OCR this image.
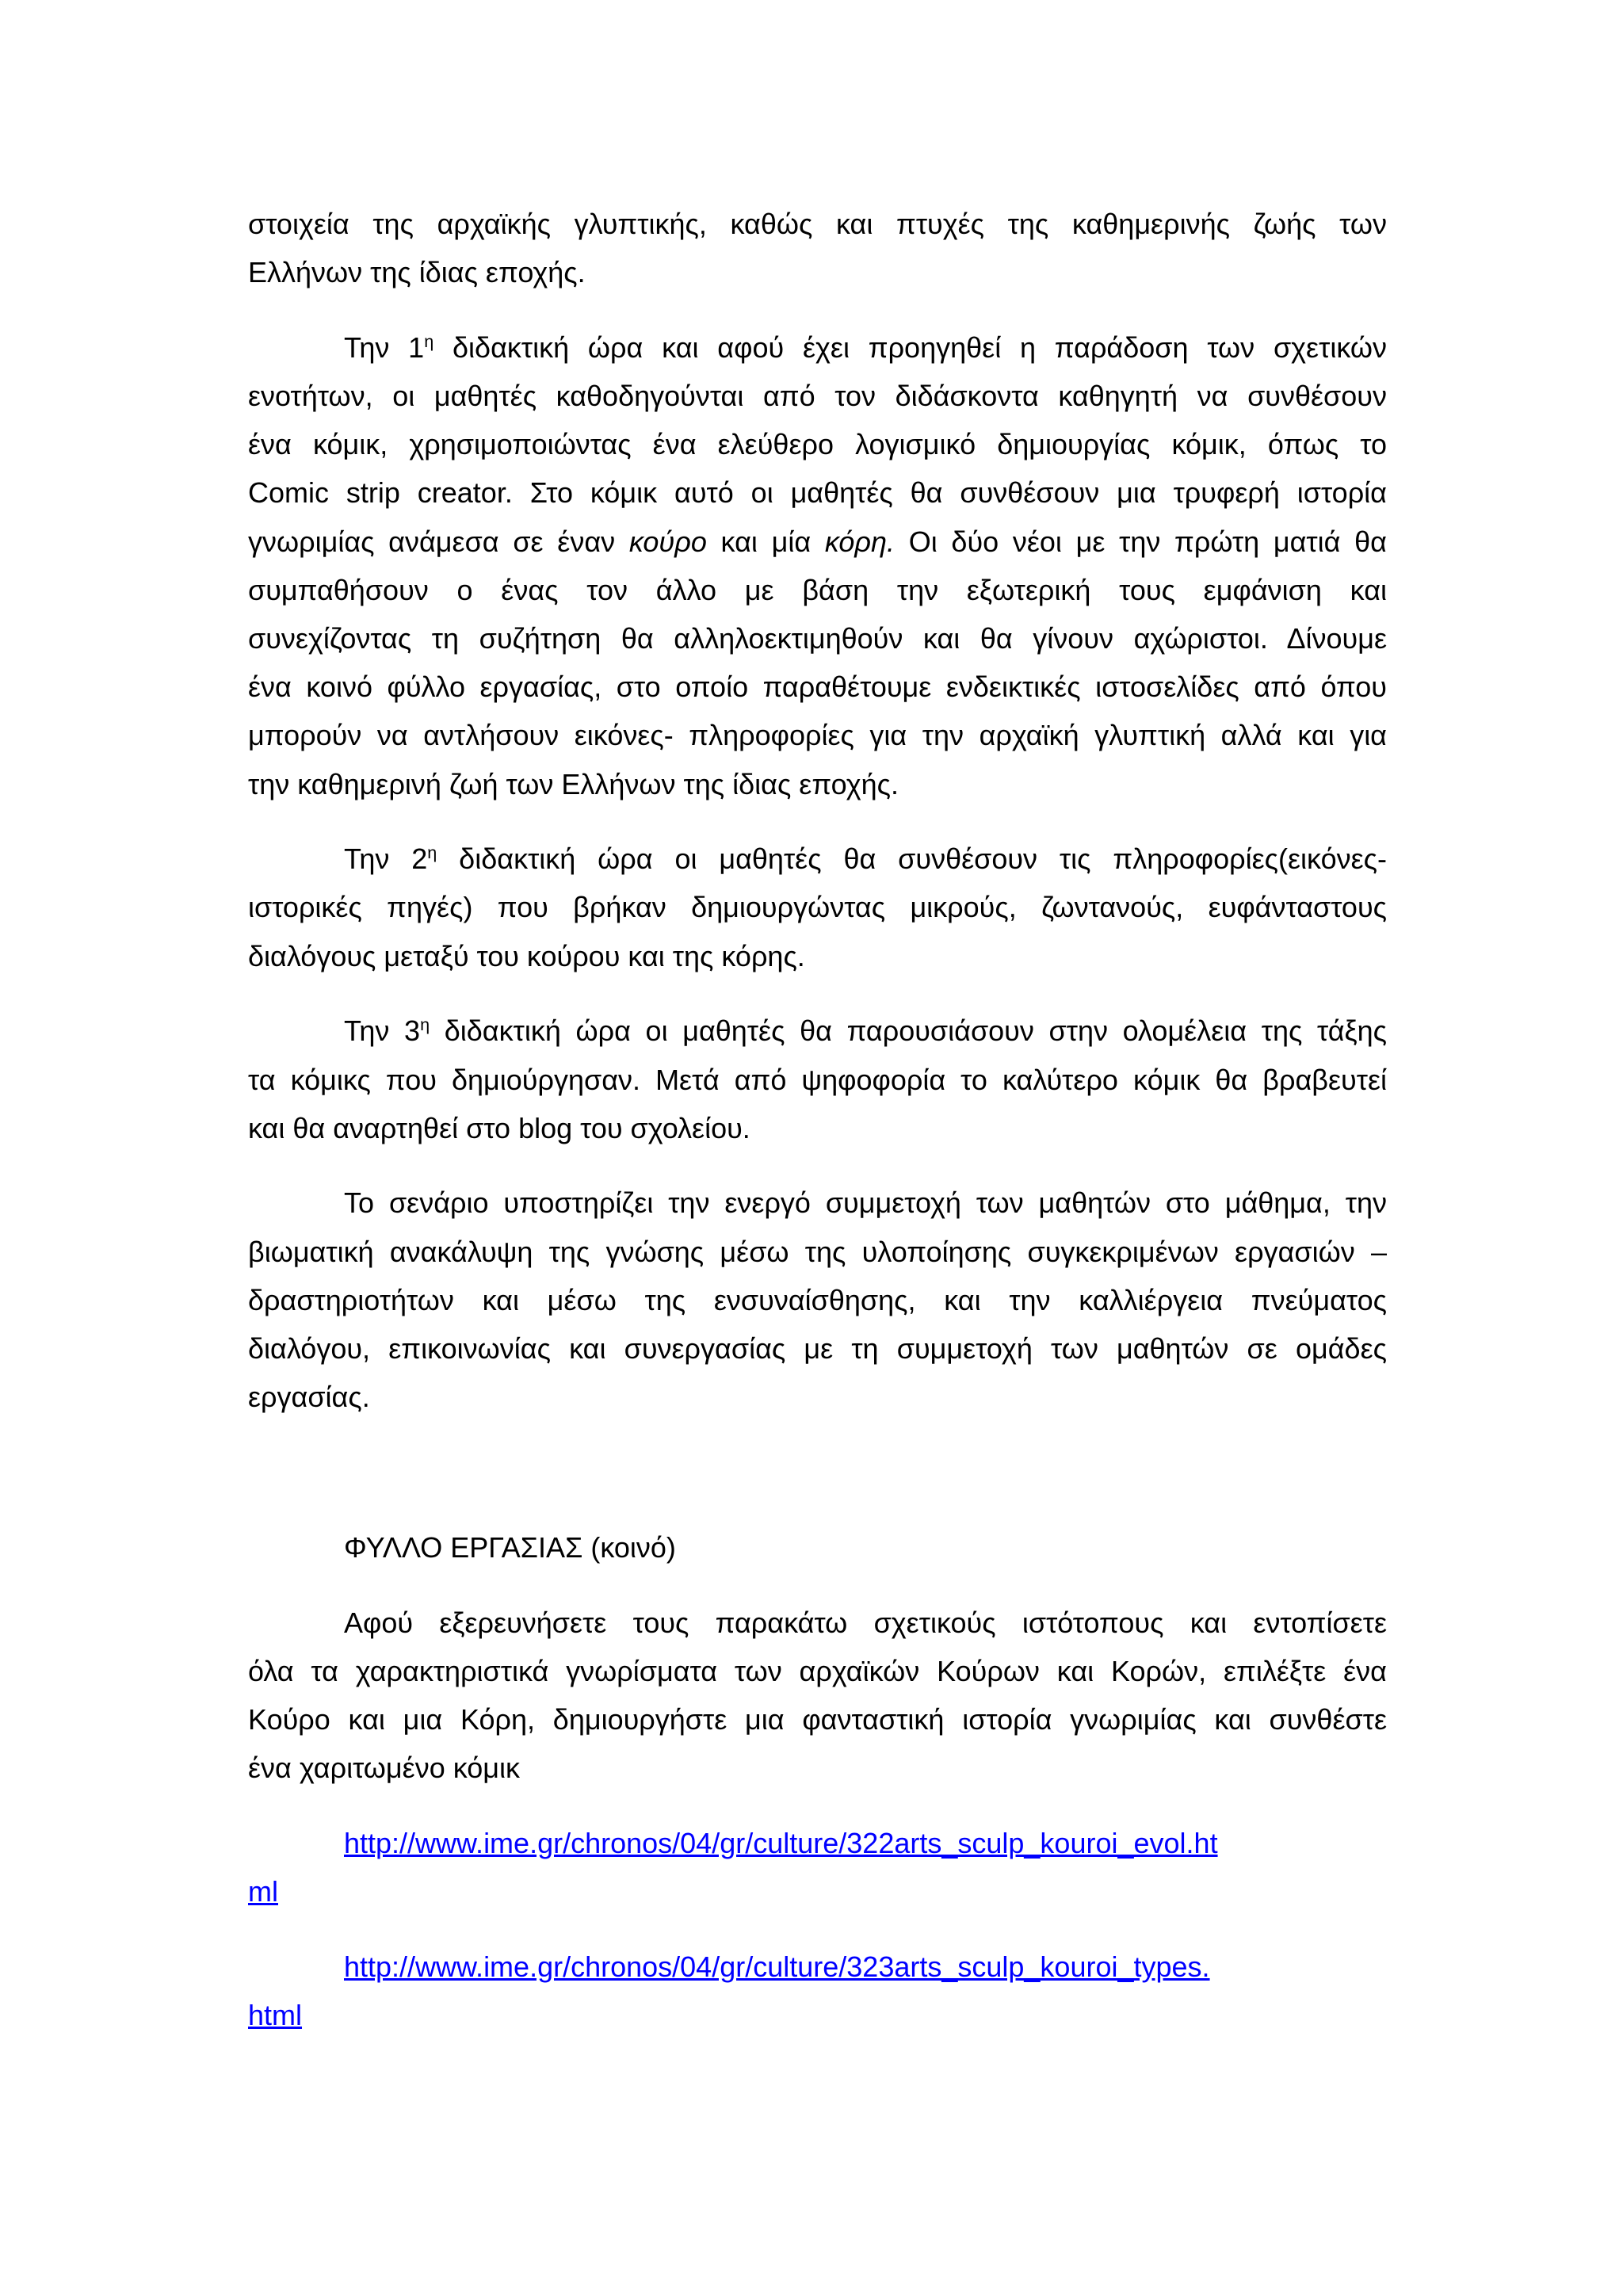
στοιχεία της αρχαϊκής γλυπτικής, καθώς και πτυχές της καθημερινής ζωής των
Ελλήνων της ίδιας εποχής.
Την $1^\eta$ διδακτική ώρα και αφού έχει προηγηθεί η παράδοση των σχετικών
ενοτήτων, οι μαθητές καθοδηγούνται από τον διδάσκοντα καθηγητή να συνθέσουν
ένα κόμικ, χρησιμοποιώντας ένα ελεύθερο λογισμικό δημιουργίας κόμικ, όπως το
Comic strip creator. Στο κόμικ αυτό οι μαθητές θα συνθέσουν μια τρυφερή ιστορία
γνωριμίας ανάμεσα σε έναν κούρο και μία κόρη. Οι δύο νέοι με την πρώτη ματιά θα
συμπαθήσουν ο ένας τον άλλο με βάση την εξωτερική τους εμφάνιση και
συνεχίζοντας τη συζήτηση θα αλληλοεκτιμηθούν και θα γίνουν αχώριστοι. Δίνουμε
ένα κοινό φύλλο εργασίας, στο οποίο παραθέτουμε ενδεικτικές ιστοσελίδες από όπου
μπορούν να αντλήσουν εικόνες- πληροφορίες για την αρχαϊκή γλυπτική αλλά και για
την καθημερινή ζωή των Ελλήνων της ίδιας εποχής.
Την $2^\eta$ διδακτική ώρα οι μαθητές θα συνθέσουν τις πληροφορίες(εικόνες-
ιστορικές πηγές) που βρήκαν δημιουργώντας μικρούς, ζωντανούς, ευφάνταστους
διαλόγους μεταξύ του κούρου και της κόρης.
Την $3^\eta$ διδακτική ώρα οι μαθητές θα παρουσιάσουν στην ολομέλεια της τάξης
τα κόμικς που δημιούργησαν. Μετά από ψηφοφορία το καλύτερο κόμικ θα βραβευτεί
και θα αναρτηθεί στο blog του σχολείου.
Το σενάριο υποστηρίζει την ενεργό συμμετοχή των μαθητών στο μάθημα, την
βιωματική ανακάλυψη της γνώσης μέσω της υλοποίησης συγκεκριμένων εργασιών –
δραστηριοτήτων και μέσω της ενσυναίσθησης, και την καλλιέργεια πνεύματος
διαλόγου, επικοινωνίας και συνεργασίας με τη συμμετοχή των μαθητών σε ομάδες
εργασίας.
ΦΥΛΛΟ ΕΡΓΑΣΙΑΣ (κοινό)
Αφού εξερευνήσετε τους παρακάτω σχετικούς ιστότοπους και εντοπίσετε
όλα τα χαρακτηριστικά γνωρίσματα των αρχαϊκών Κούρων και Κορών, επιλέξτε ένα
Κούρο και μια Κόρη, δημιουργήστε μια φανταστική ιστορία γνωριμίας και συνθέστε
ένα χαριτωμένο κόμικ
http://www.ime.gr/chronos/04/gr/culture/322arts_sculp_kouroi_evol.ht
ml
http://www.ime.gr/chronos/04/gr/culture/323arts_sculp_kouroi_types.
html
